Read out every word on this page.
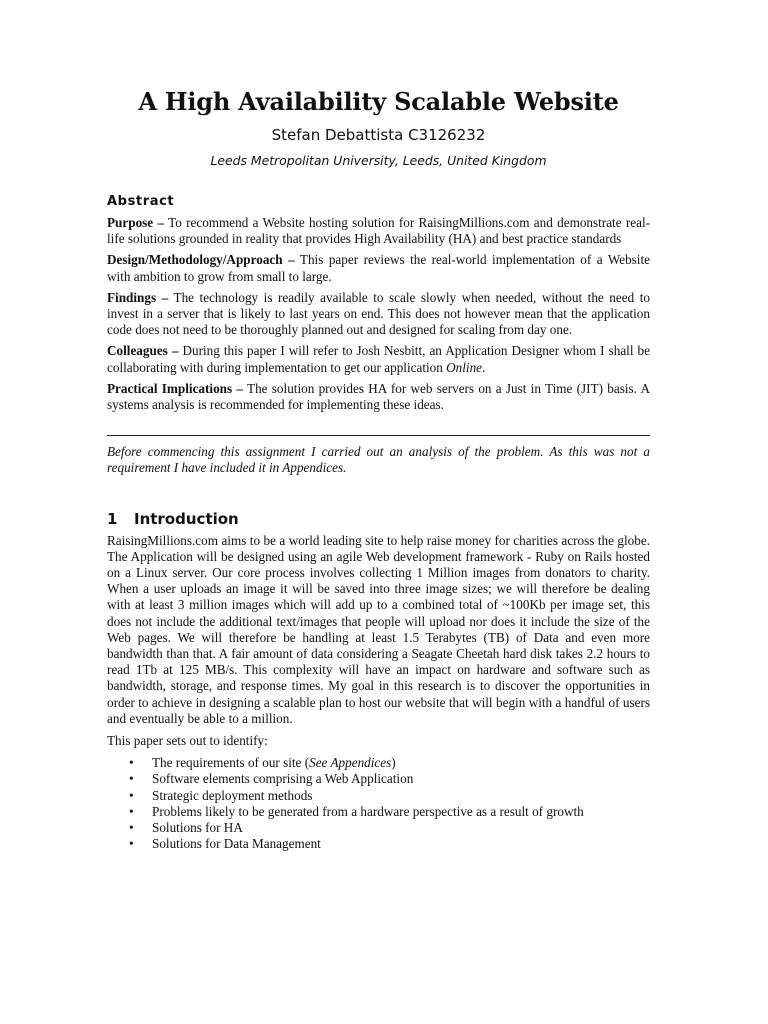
A High Availability Scalable Website
Stefan Debattista C3126232
Leeds Metropolitan University, Leeds, United Kingdom
Abstract

Purpose – To recommend a Website hosting solution for RaisingMillions.com and demonstrate real-life solutions grounded in reality that provides High Availability (HA) and best practice standards

Design/Methodology/Approach – This paper reviews the real-world implementation of a Website with ambition to grow from small to large.

Findings – The technology is readily available to scale slowly when needed, without the need to invest in a server that is likely to last years on end. This does not however mean that the application code does not need to be thoroughly planned out and designed for scaling from day one.

Colleagues – During this paper I will refer to Josh Nesbitt, an Application Designer whom I shall be collaborating with during implementation to get our application Online.

Practical Implications – The solution provides HA for web servers on a Just in Time (JIT) basis. A systems analysis is recommended for implementing these ideas.

Before commencing this assignment I carried out an analysis of the problem. As this was not a requirement I have included it in Appendices.

1 Introduction

RaisingMillions.com aims to be a world leading site to help raise money for charities across the globe. The Application will be designed using an agile Web development framework - Ruby on Rails hosted on a Linux server. Our core process involves collecting 1 Million images from donators to charity. When a user uploads an image it will be saved into three image sizes; we will therefore be dealing with at least 3 million images which will add up to a combined total of ~100Kb per image set, this does not include the additional text/images that people will upload nor does it include the size of the Web pages. We will therefore be handling at least 1.5 Terabytes (TB) of Data and even more bandwidth than that. A fair amount of data considering a Seagate Cheetah hard disk takes 2.2 hours to read 1Tb at 125 MB/s. This complexity will have an impact on hardware and software such as bandwidth, storage, and response times. My goal in this research is to discover the opportunities in order to achieve in designing a scalable plan to host our website that will begin with a handful of users and eventually be able to a million.

This paper sets out to identify:

• The requirements of our site (See Appendices)
• Software elements comprising a Web Application
• Strategic deployment methods
• Problems likely to be generated from a hardware perspective as a result of growth
• Solutions for HA
• Solutions for Data Management
